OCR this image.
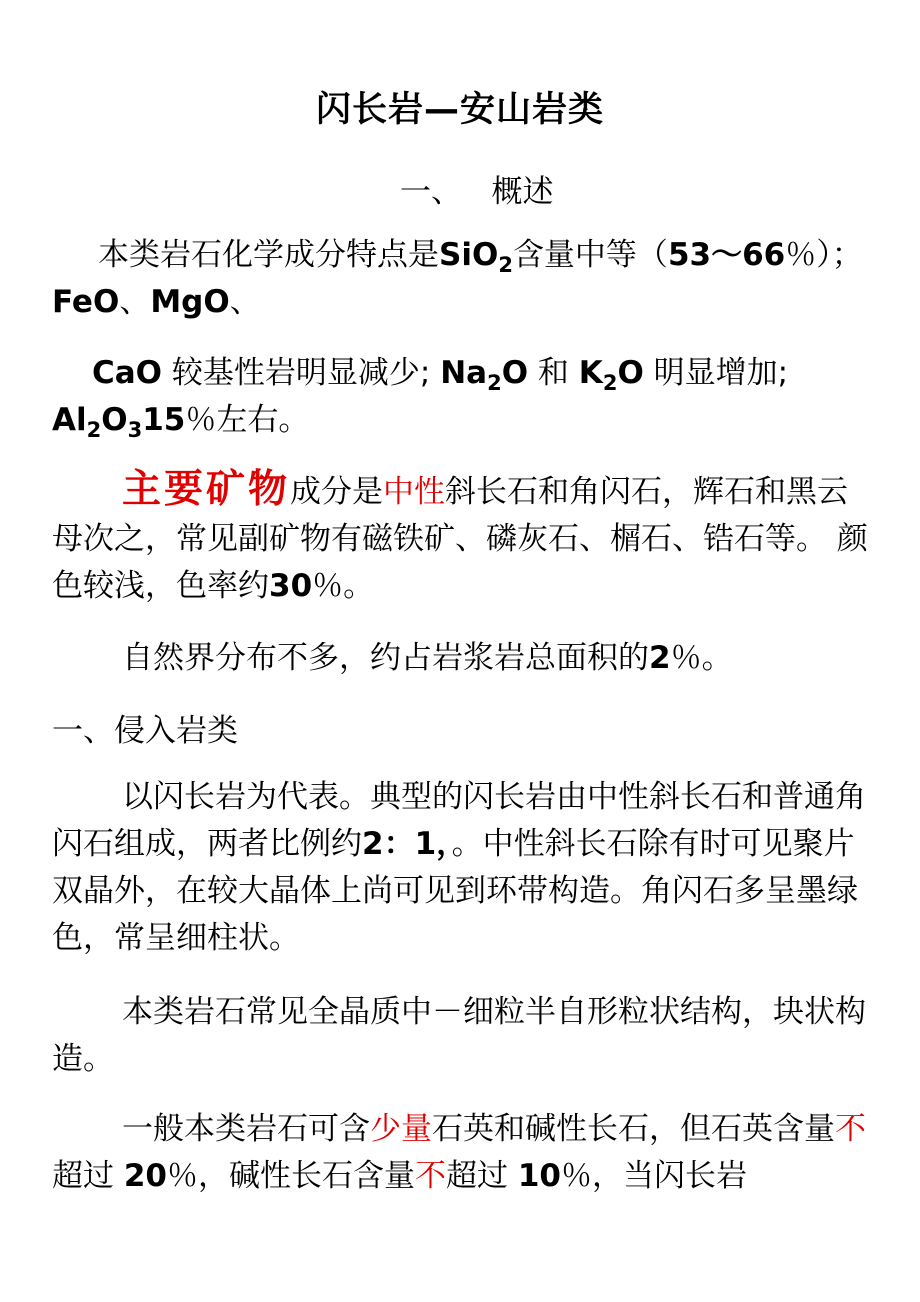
闪长岩—安山岩类
一、   概述
本类岩石化学成分特点是SiO$_2$含量中等（53～66％）；FeO、MgO、
CaO 较基性岩明显减少; $Na_2O$ 和 $K_2O$ 明显增加; $Al_2O_315$％左右。
主要矿物成分是中性斜长石和角闪石，辉石和黑云母次之，常见副矿物有磁铁矿、磷灰石、榍石、锆石等。 颜色较浅，色率约30％。
自然界分布不多，约占岩浆岩总面积的2％。
一、侵入岩类
以闪长岩为代表。典型的闪长岩由中性斜长石和普通角闪石组成，两者比例约2：1，。中性斜长石除有时可见聚片双晶外，在较大晶体上尚可见到环带构造。角闪石多呈墨绿色，常呈细柱状。
本类岩石常见全晶质中－细粒半自形粒状结构，块状构造。
一般本类岩石可含少量石英和碱性长石，但石英含量不超过 20％，碱性长石含量不超过 10％，当闪长岩
